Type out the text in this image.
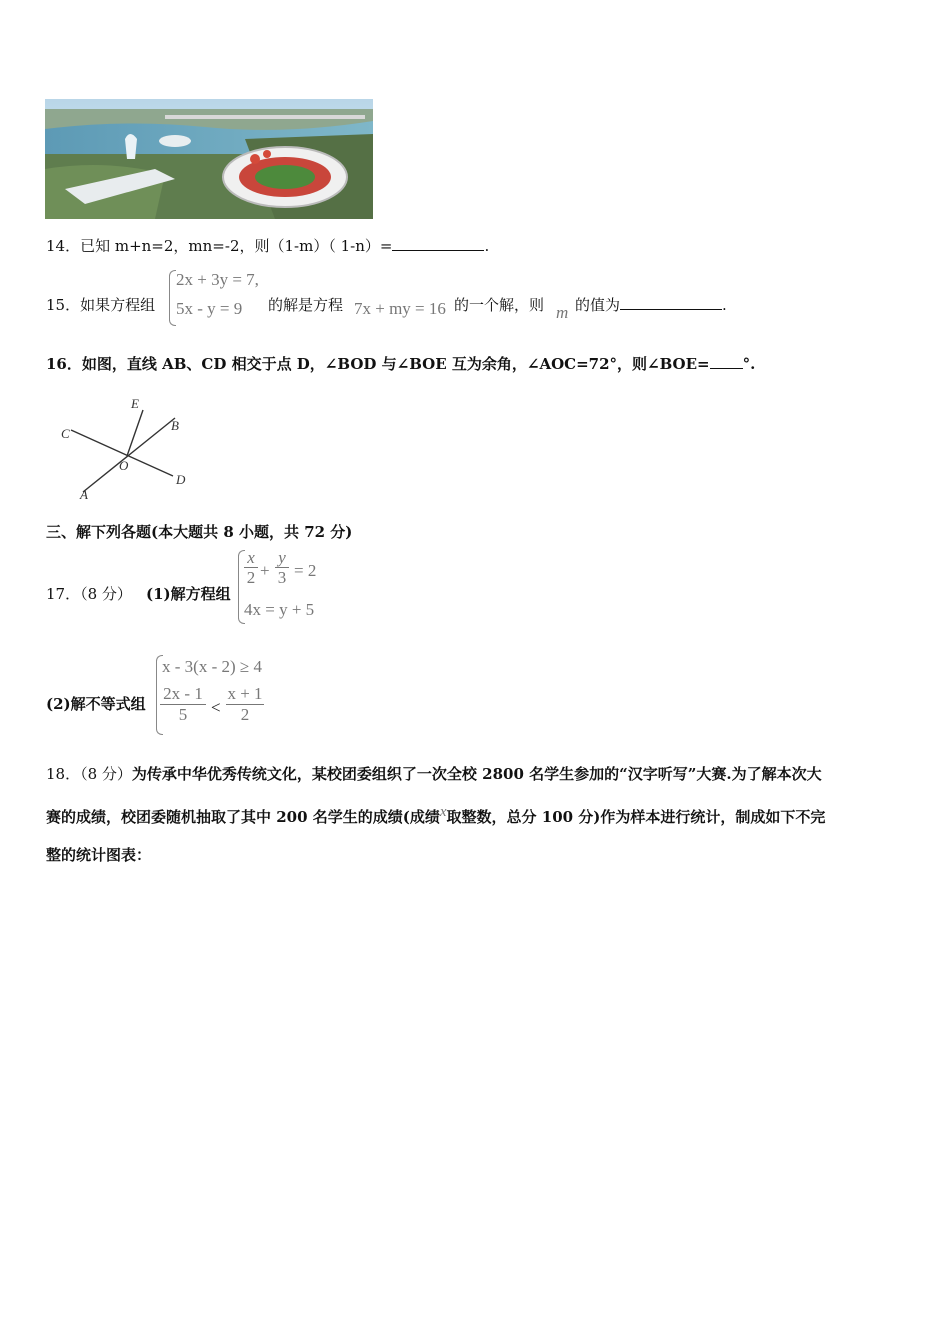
14．已知 m+n=2，mn=-2，则（1-m）（ 1-n）=	.
15．如果方程组
2x + 3y = 7,
5x - y = 9 的解是方程 7x + my = 16 的一个解，则 m 的值为	.
16．如图，直线 AB、CD 相交于点 D，∠BOD 与∠BOE 互为余角，∠AOC=72°，则∠BOE= °.
E
B
C
O
D
A
三、解下列各题(本大题共 8 小题，共 72 分)
17．（8 分） (1)解方程组
x
2 +
y
3 = 2
4x = y + 5
(2)解不等式组
x - 3(x - 2) ≥ 4
2x - 1
5	<
x + 1
2
18．（8 分）为传承中华优秀传统文化，某校团委组织了一次全校 2800 名学生参加的“汉字听写”大赛.为了解本次大
赛的成绩，校团委随机抽取了其中 200 名学生的成绩(成绩x取整数，总分 100 分)作为样本进行统计，制成如下不完
整的统计图表：
